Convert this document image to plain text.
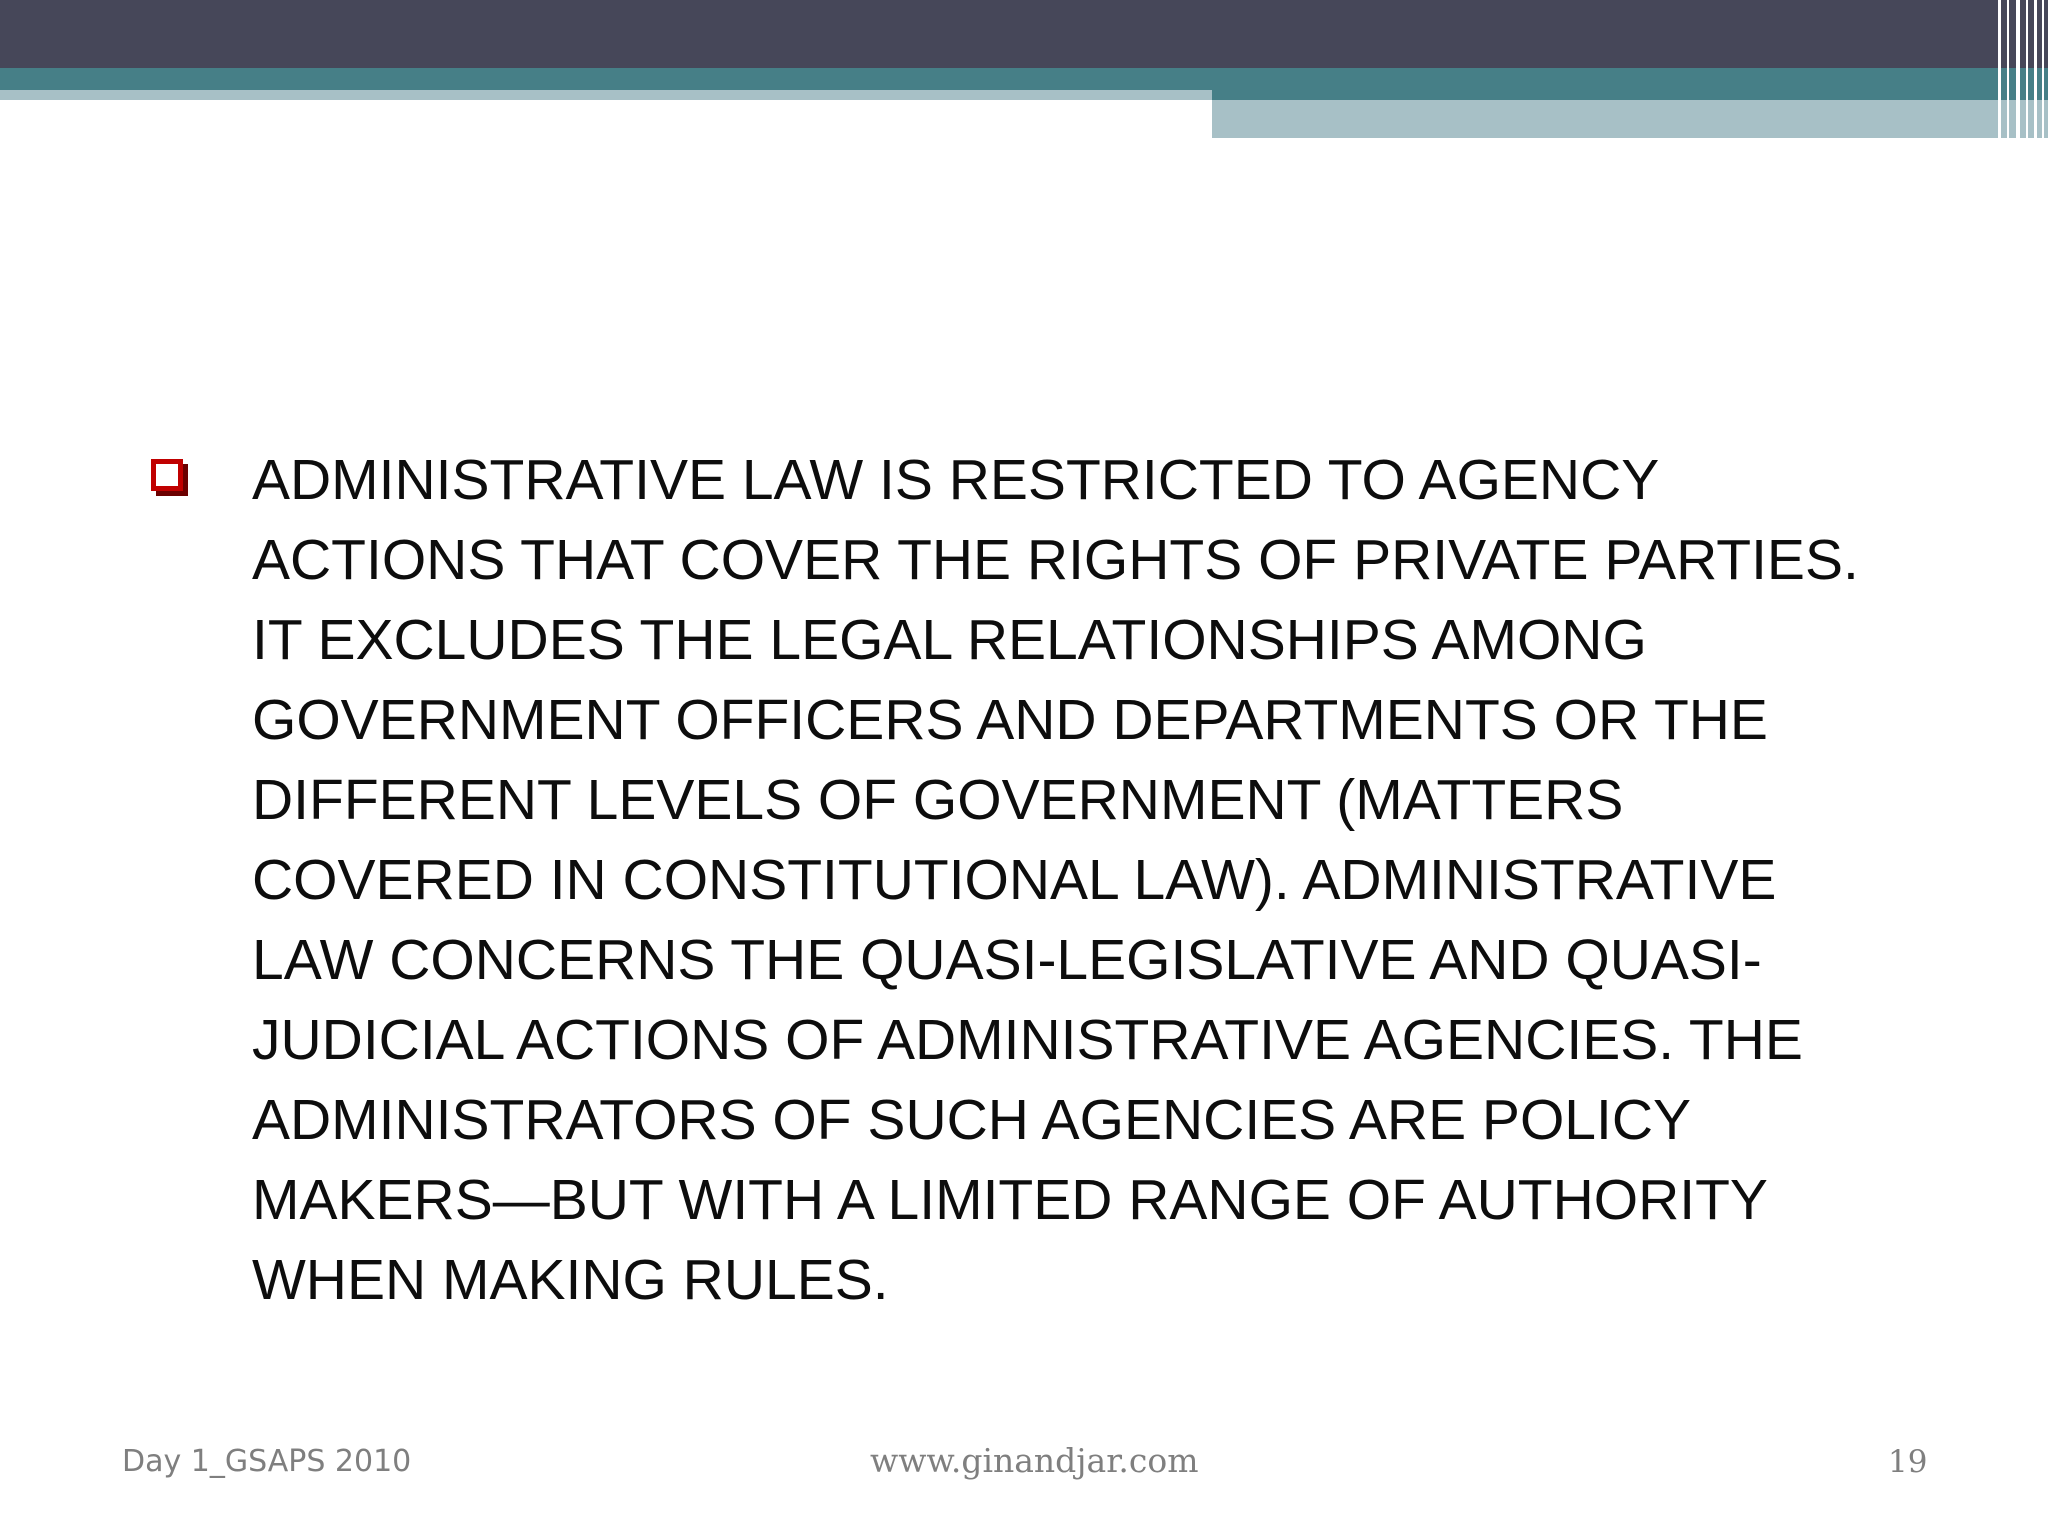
ADMINISTRATIVE LAW IS RESTRICTED TO AGENCY ACTIONS THAT COVER THE RIGHTS OF PRIVATE PARTIES. IT EXCLUDES THE LEGAL RELATIONSHIPS AMONG GOVERNMENT OFFICERS AND DEPARTMENTS OR THE DIFFERENT LEVELS OF GOVERNMENT (MATTERS COVERED IN CONSTITUTIONAL LAW). ADMINISTRATIVE LAW CONCERNS THE QUASI-LEGISLATIVE AND QUASI-JUDICIAL ACTIONS OF ADMINISTRATIVE AGENCIES. THE ADMINISTRATORS OF SUCH AGENCIES ARE POLICY MAKERS—BUT WITH A LIMITED RANGE OF AUTHORITY WHEN MAKING RULES.

Day 1_GSAPS 2010	www.ginandjar.com	19
